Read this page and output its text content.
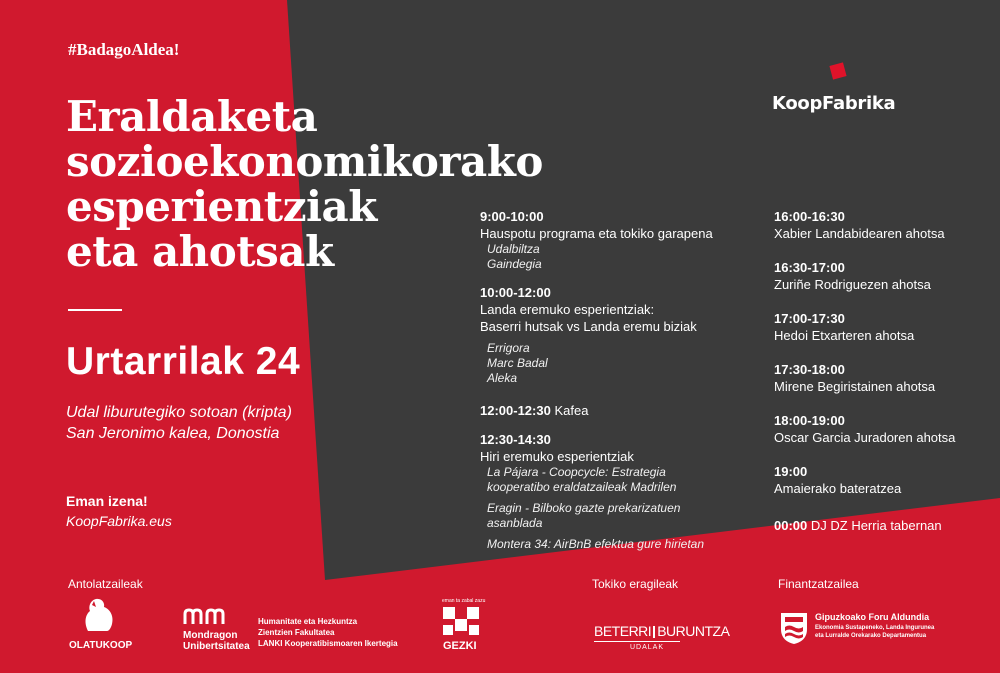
#BadagoAldea!
Eraldaketa
sozioekonomikorako
esperientziak
eta ahotsak
Urtarrilak 24
Udal liburutegiko sotoan (kripta)
San Jeronimo kalea, Donostia
Eman izena!
KoopFabrika.eus
KoopFabrika
9:00-10:00
Hauspotu programa eta tokiko garapena
Udalbiltza
Gaindegia
10:00-12:00
Landa eremuko esperientziak:
Baserri hutsak vs Landa eremu biziak
Errigora
Marc Badal
Aleka
12:00-12:30 Kafea
12:30-14:30
Hiri eremuko esperientziak
La Pájara - Coopcycle: Estrategia
kooperatibo eraldatzaileak Madrilen
Eragin - Bilboko gazte prekarizatuen
asanblada
Montera 34: AirBnB efektua gure hirietan
16:00-16:30
Xabier Landabidearen ahotsa
16:30-17:00
Zuriñe Rodriguezen ahotsa
17:00-17:30
Hedoi Etxarteren ahotsa
17:30-18:00
Mirene Begiristainen ahotsa
18:00-19:00
Oscar Garcia Juradoren ahotsa
19:00
Amaierako bateratzea
00:00 DJ DZ Herria tabernan
Antolatzaileak	Tokiko eragileak	Finantzatzailea
OLATUKOOP
Mondragon
Unibertsitatea
Humanitate eta Hezkuntza
Zientzien Fakultatea
LANKI Kooperatibismoaren Ikertegia
eman ta zabal zazu
GEZKI
BETERRI BURUNTZA
UDALAK
Gipuzkoako Foru Aldundia
Ekonomia Sustapeneko, Landa Ingurunea
eta Lurralde Orekarako Departamentua
